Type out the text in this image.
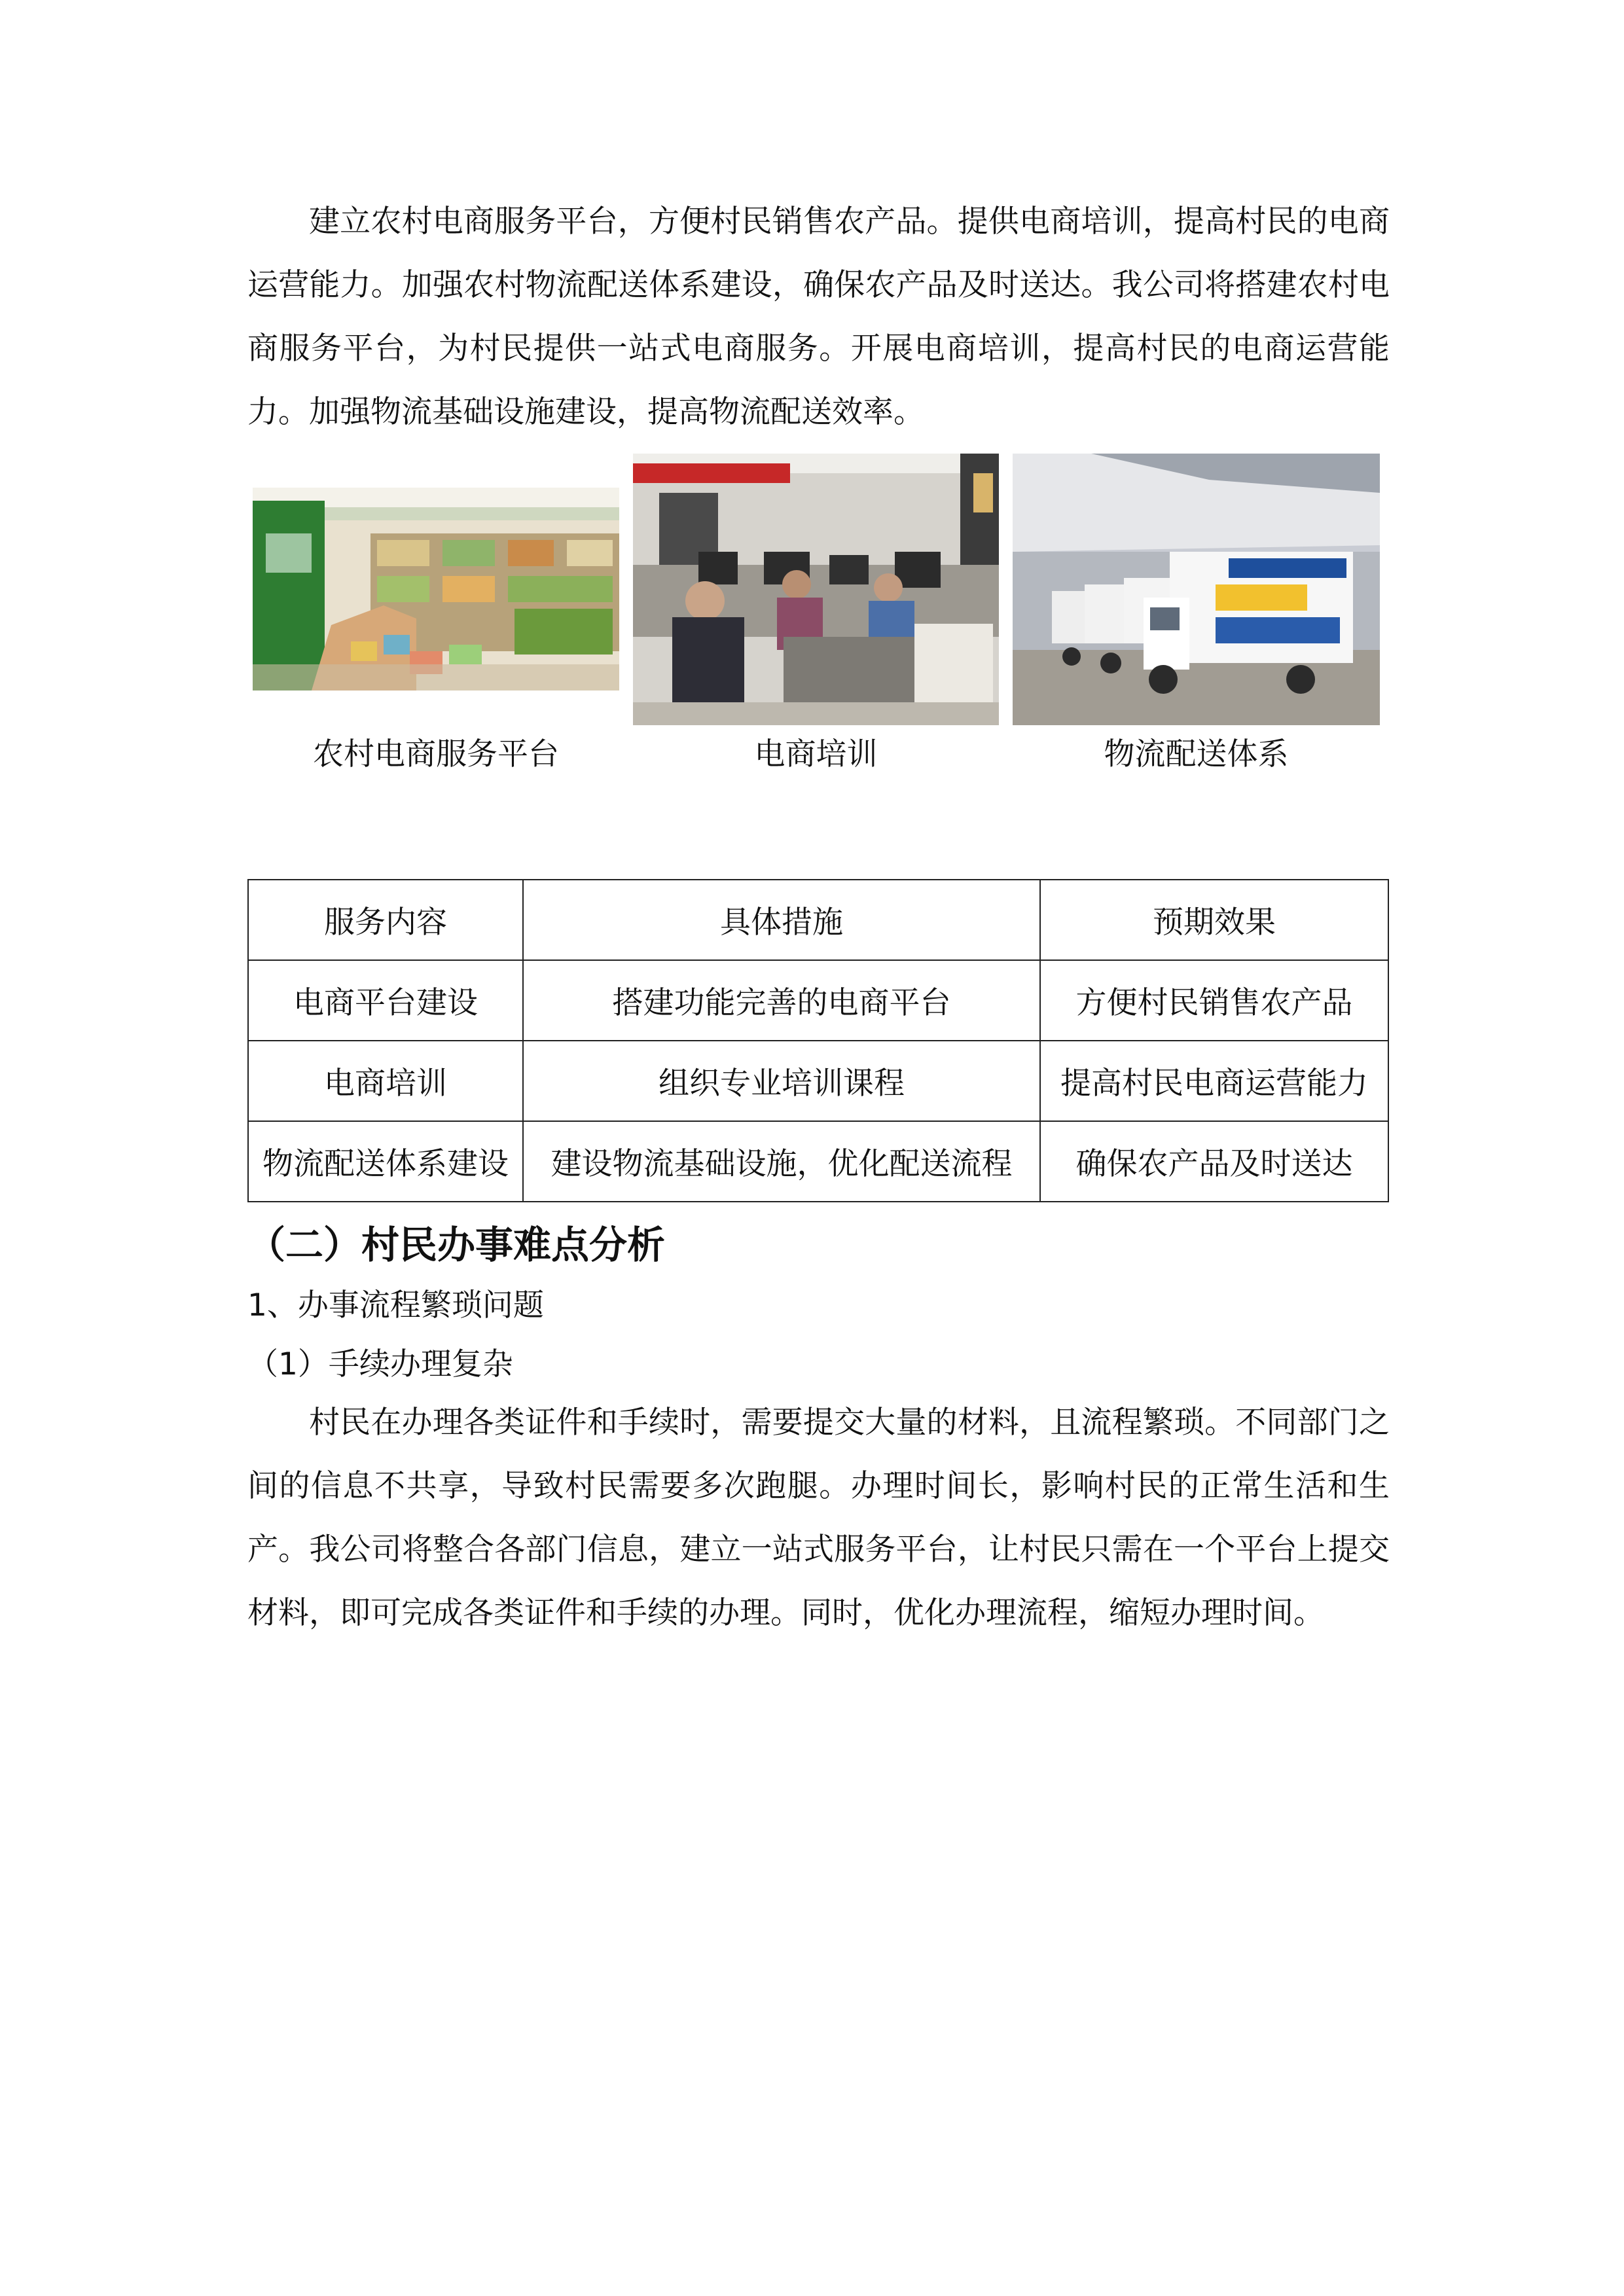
建立农村电商服务平台，方便村民销售农产品。提供电商培训，提高村民的电商运营能力。加强农村物流配送体系建设，确保农产品及时送达。我公司将搭建农村电商服务平台，为村民提供一站式电商服务。开展电商培训，提高村民的电商运营能力。加强物流基础设施建设，提高物流配送效率。

农村电商服务平台	电商培训	物流配送体系
服务内容	具体措施	预期效果
电商平台建设	搭建功能完善的电商平台	方便村民销售农产品
电商培训	组织专业培训课程	提高村民电商运营能力
物流配送体系建设	建设物流基础设施，优化配送流程	确保农产品及时送达
（二）村民办事难点分析
1、办事流程繁琐问题
（1）手续办理复杂

村民在办理各类证件和手续时，需要提交大量的材料，且流程繁琐。不同部门之间的信息不共享，导致村民需要多次跑腿。办理时间长，影响村民的正常生活和生产。我公司将整合各部门信息，建立一站式服务平台，让村民只需在一个平台上提交材料，即可完成各类证件和手续的办理。同时，优化办理流程，缩短办理时间。
